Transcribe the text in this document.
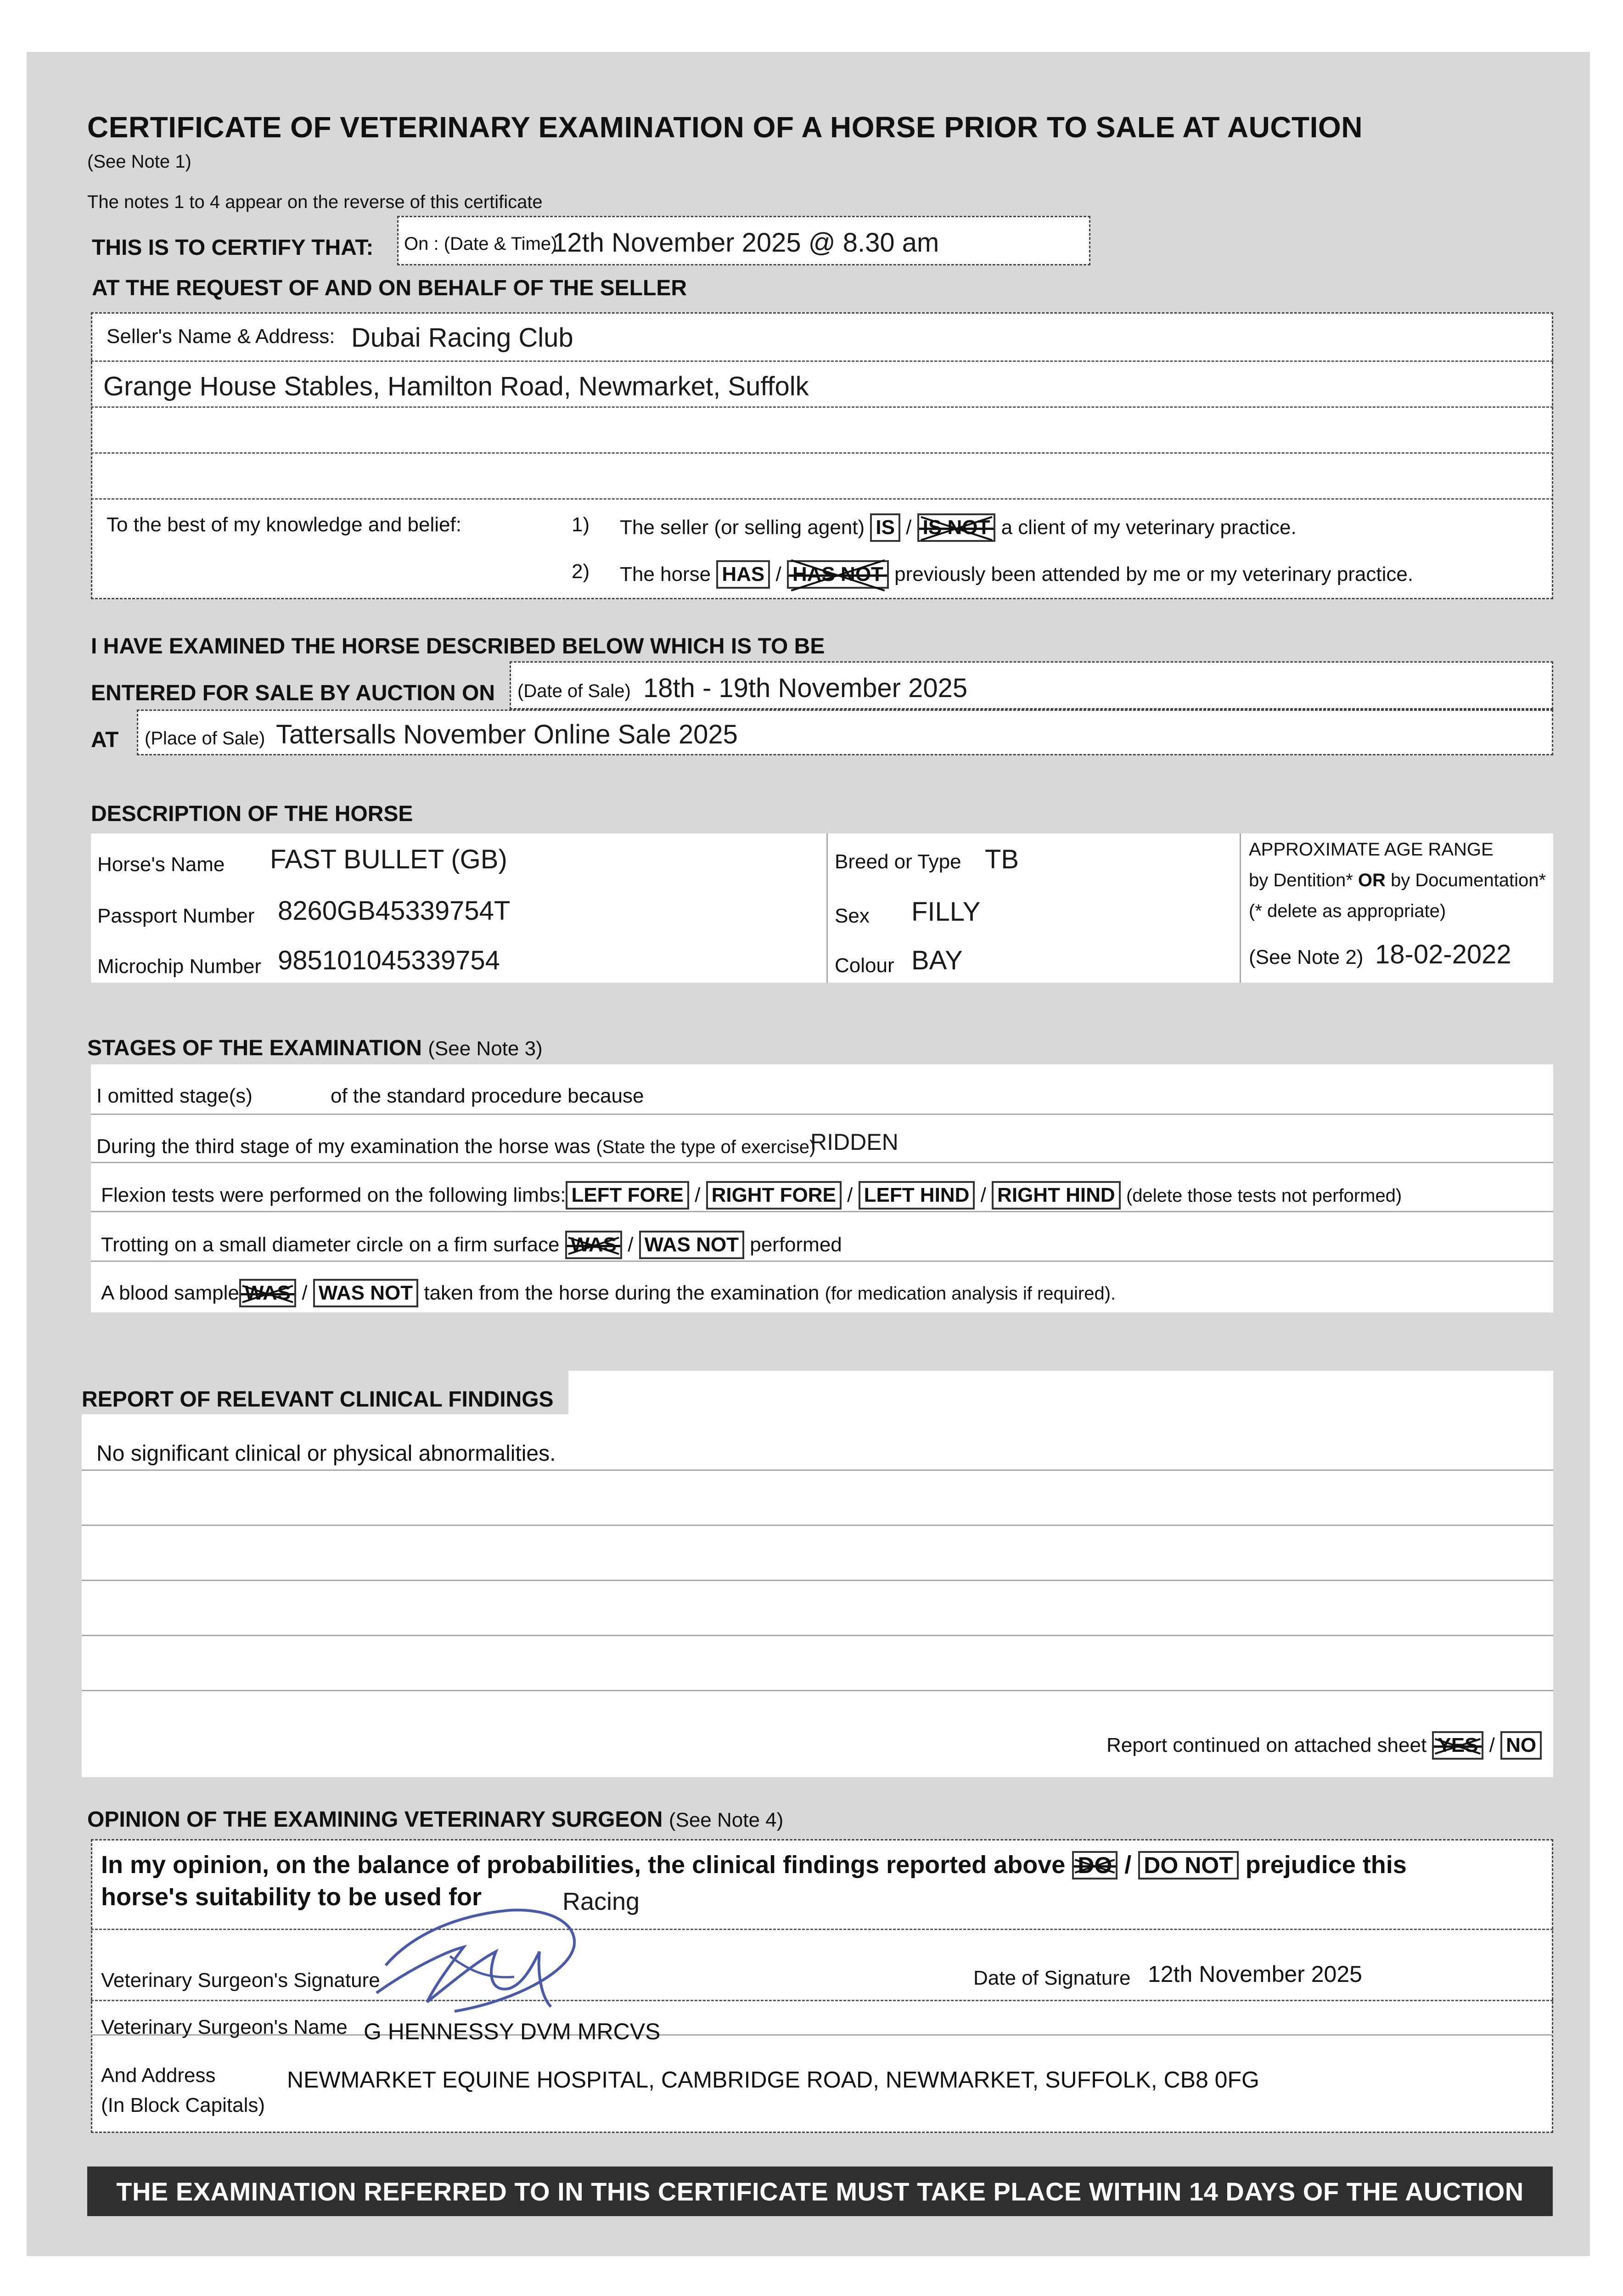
CERTIFICATE OF VETERINARY EXAMINATION OF A HORSE PRIOR TO SALE AT AUCTION
(See Note 1)
The notes 1 to 4 appear on the reverse of this certificate
THIS IS TO CERTIFY THAT: On : (Date & Time)
12th November 2025 @ 8.30 am
AT THE REQUEST OF AND ON BEHALF OF THE SELLER
Seller's Name & Address: Dubai Racing Club
Grange House Stables, Hamilton Road, Newmarket, Suffolk
To the best of my knowledge and belief:	1) The seller (or selling agent) IS / IS NOT a client of my veterinary practice.
2) The horse HAS / HAS NOT previously been attended by me or my veterinary practice.
I HAVE EXAMINED THE HORSE DESCRIBED BELOW WHICH IS TO BE
ENTERED FOR SALE BY AUCTION ON (Date of Sale) 18th - 19th November 2025
AT (Place of Sale) Tattersalls November Online Sale 2025
DESCRIPTION OF THE HORSE
Horse's Name FAST BULLET (GB)
Passport Number 8260GB45339754T
Microchip Number 985101045339754
Breed or Type TB
Sex FILLY
Colour BAY
APPROXIMATE AGE RANGE
by Dentition* OR by Documentation*
(* delete as appropriate)
(See Note 2) 18-02-2022
STAGES OF THE EXAMINATION (See Note 3)
I omitted stage(s)	of the standard procedure because
During the third stage of my examination the horse was (State the type of exercise)
RIDDEN
Flexion tests were performed on the following limbs: LEFT FORE / RIGHT FORE / LEFT HIND / RIGHT HIND (delete those tests not performed)
Trotting on a small diameter circle on a firm surface WAS
/ WAS NOT performed
A blood sample WAS
/ WAS NOT taken from the horse during the examination (for medication analysis if required).
REPORT OF RELEVANT CLINICAL FINDINGS
No significant clinical or physical abnormalities.
Report continued on attached sheet YES
/ NO
OPINION OF THE EXAMINING VETERINARY SURGEON (See Note 4)
In my opinion, on the balance of probabilities, the clinical findings reported above DO
/ DO NOT prejudice this
horse's suitability to be used for	Racing
Veterinary Surgeon's Signature	Date of Signature 12th November 2025
Veterinary Surgeon's Name G HENNESSY DVM MRCVS
And Address
(In Block Capitals)
NEWMARKET EQUINE HOSPITAL, CAMBRIDGE ROAD, NEWMARKET, SUFFOLK, CB8 0FG
THE EXAMINATION REFERRED TO IN THIS CERTIFICATE MUST TAKE PLACE WITHIN 14 DAYS OF THE AUCTION
